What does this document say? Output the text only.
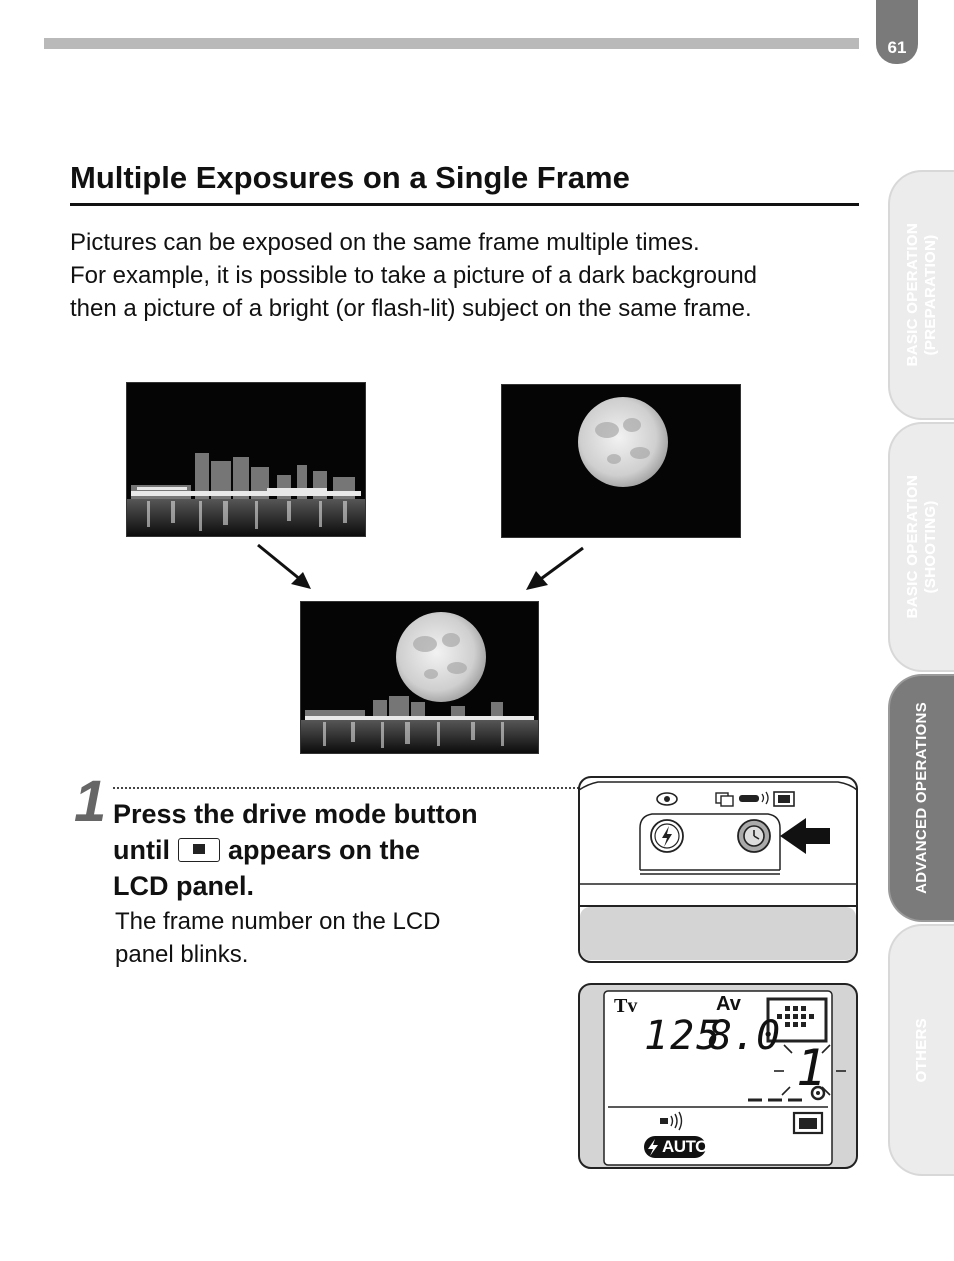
61
Multiple Exposures on a Single Frame

Pictures can be exposed on the same frame multiple times.

For example, it is possible to take a picture of a dark background

then a picture of a bright (or flash-lit) subject on the same frame.

1 Press the drive mode button
until appears on the
LCD panel.

The frame number on the LCD

panel blinks.

Tv	Av
125
8.0
1
AUTO
BASIC OPERATION
(PREPARATION)
BASIC OPERATION
(SHOOTING)
ADVANCED OPERATIONS
OTHERS
